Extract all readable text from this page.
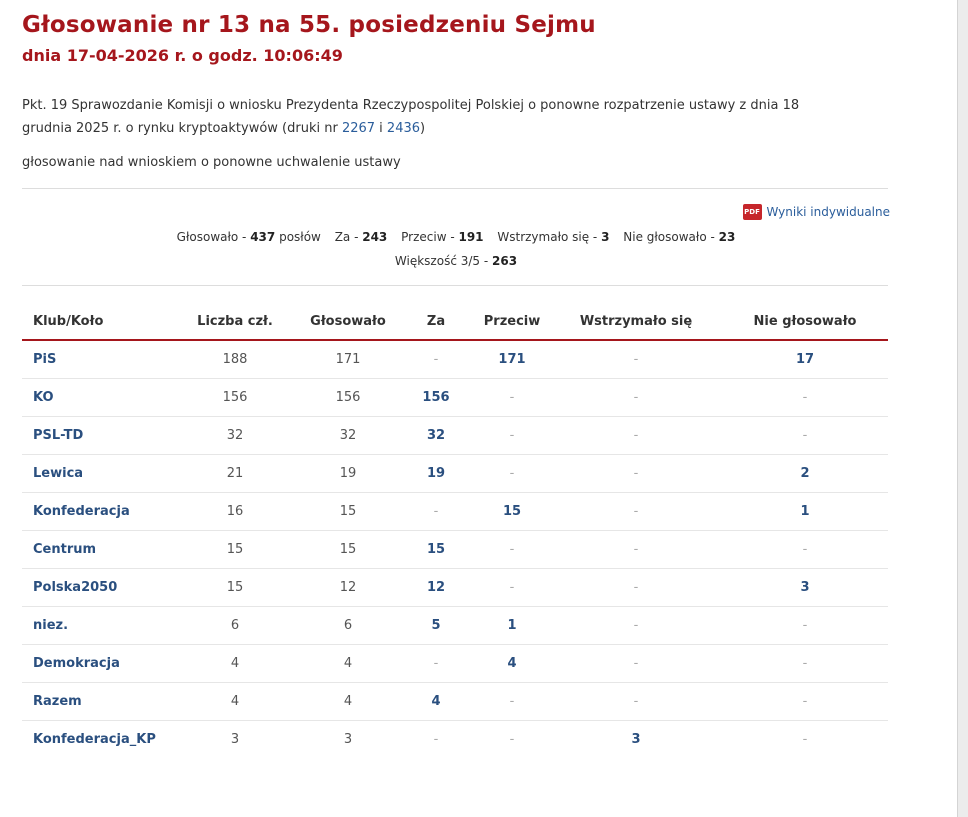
Głosowanie nr 13 na 55. posiedzeniu Sejmu
dnia 17-04-2026 r. o godz. 10:06:49
Pkt. 19 Sprawozdanie Komisji o wniosku Prezydenta Rzeczypospolitej Polskiej o ponowne rozpatrzenie ustawy z dnia 18 grudnia 2025 r. o rynku kryptoaktywów (druki nr 2267 i 2436)
głosowanie nad wnioskiem o ponowne uchwalenie ustawy
PDF Wyniki indywidualne
Głosowało - 437 posłów Za - 243 Przeciw - 191 Wstrzymało się - 3 Nie głosowało - 23
Większość 3/5 - 263
Klub/Koło	Liczba czł.	Głosowało	Za	Przeciw	Wstrzymało się	Nie głosowało
PiS	188	171	-	171	-	17
KO	156	156	156	-	-	-
PSL-TD	32	32	32	-	-	-
Lewica	21	19	19	-	-	2
Konfederacja	16	15	-	15	-	1
Centrum	15	15	15	-	-	-
Polska2050	15	12	12	-	-	3
niez.	6	6	5	1	-	-
Demokracja	4	4	-	4	-	-
Razem	4	4	4	-	-	-
Konfederacja_KP	3	3	-	-	3	-
